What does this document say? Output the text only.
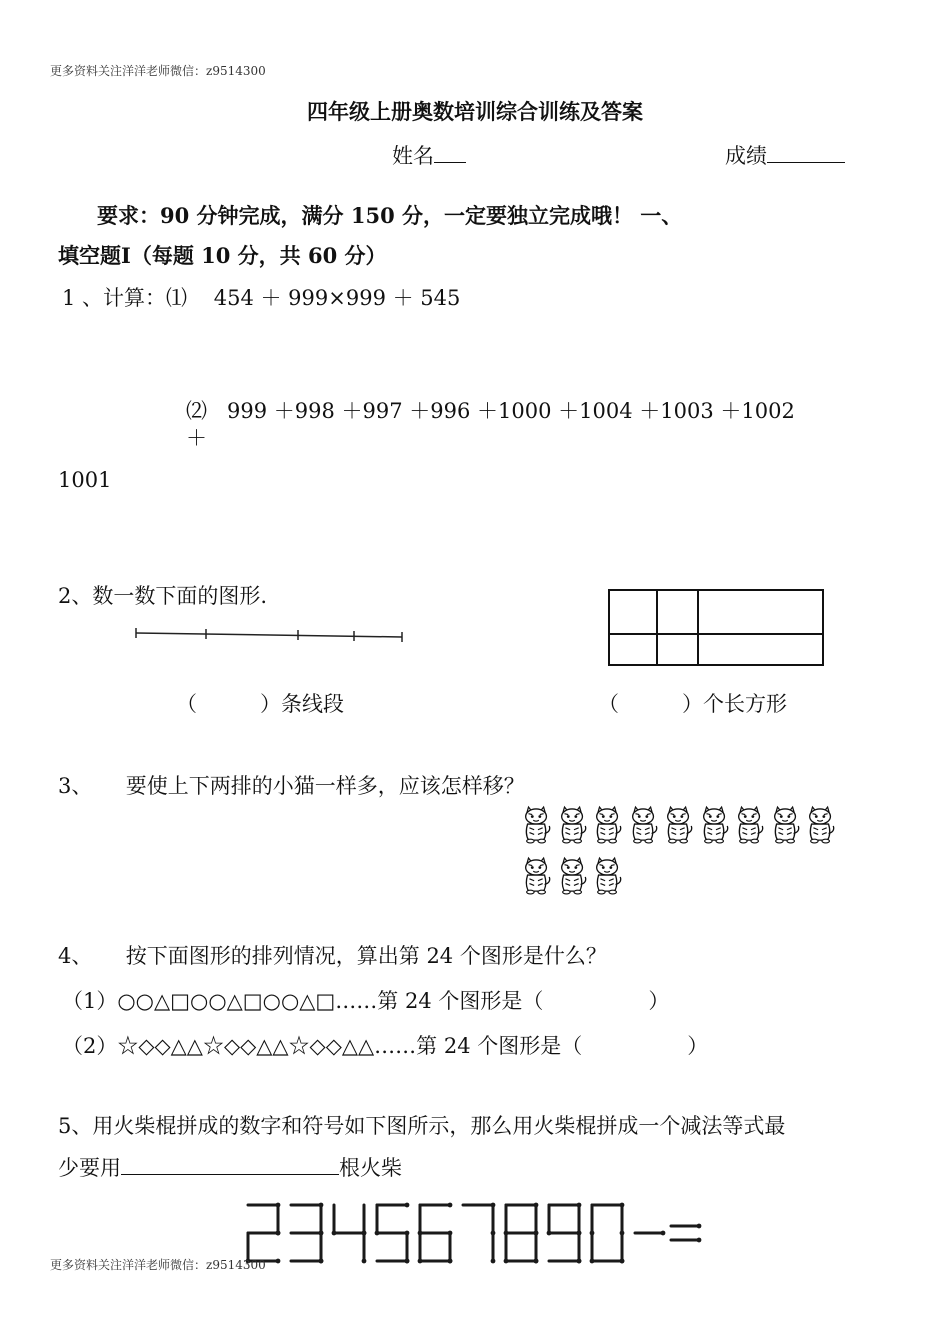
更多资料关注洋洋老师微信：z9514300
四年级上册奥数培训综合训练及答案
姓名	成绩
要求：90 分钟完成，满分 150 分，一定要独立完成哦！ 一、
填空题Ⅰ（每题 10 分，共 60 分）
1 、计算：⑴ 454 ＋ 999×999 ＋ 545
⑵ 999 ＋998 ＋997 ＋996 ＋1000 ＋1004 ＋1003 ＋1002
＋
1001
2、数一数下面的图形.
（　　　）条线段	（　　　）个长方形
3、 要使上下两排的小猫一样多，应该怎样移？
4、 按下面图形的排列情况，算出第 24 个图形是什么？
（1）○○△□○○△□○○△□……第 24 个图形是（　　　　　）
（2）☆◇◇△△☆◇◇△△☆◇◇△△……第 24 个图形是（　　　　　）
5、用火柴棍拼成的数字和符号如下图所示，那么用火柴棍拼成一个减法等式最
少要用	根火柴
234567890−=
更多资料关注洋洋老师微信：z9514300
